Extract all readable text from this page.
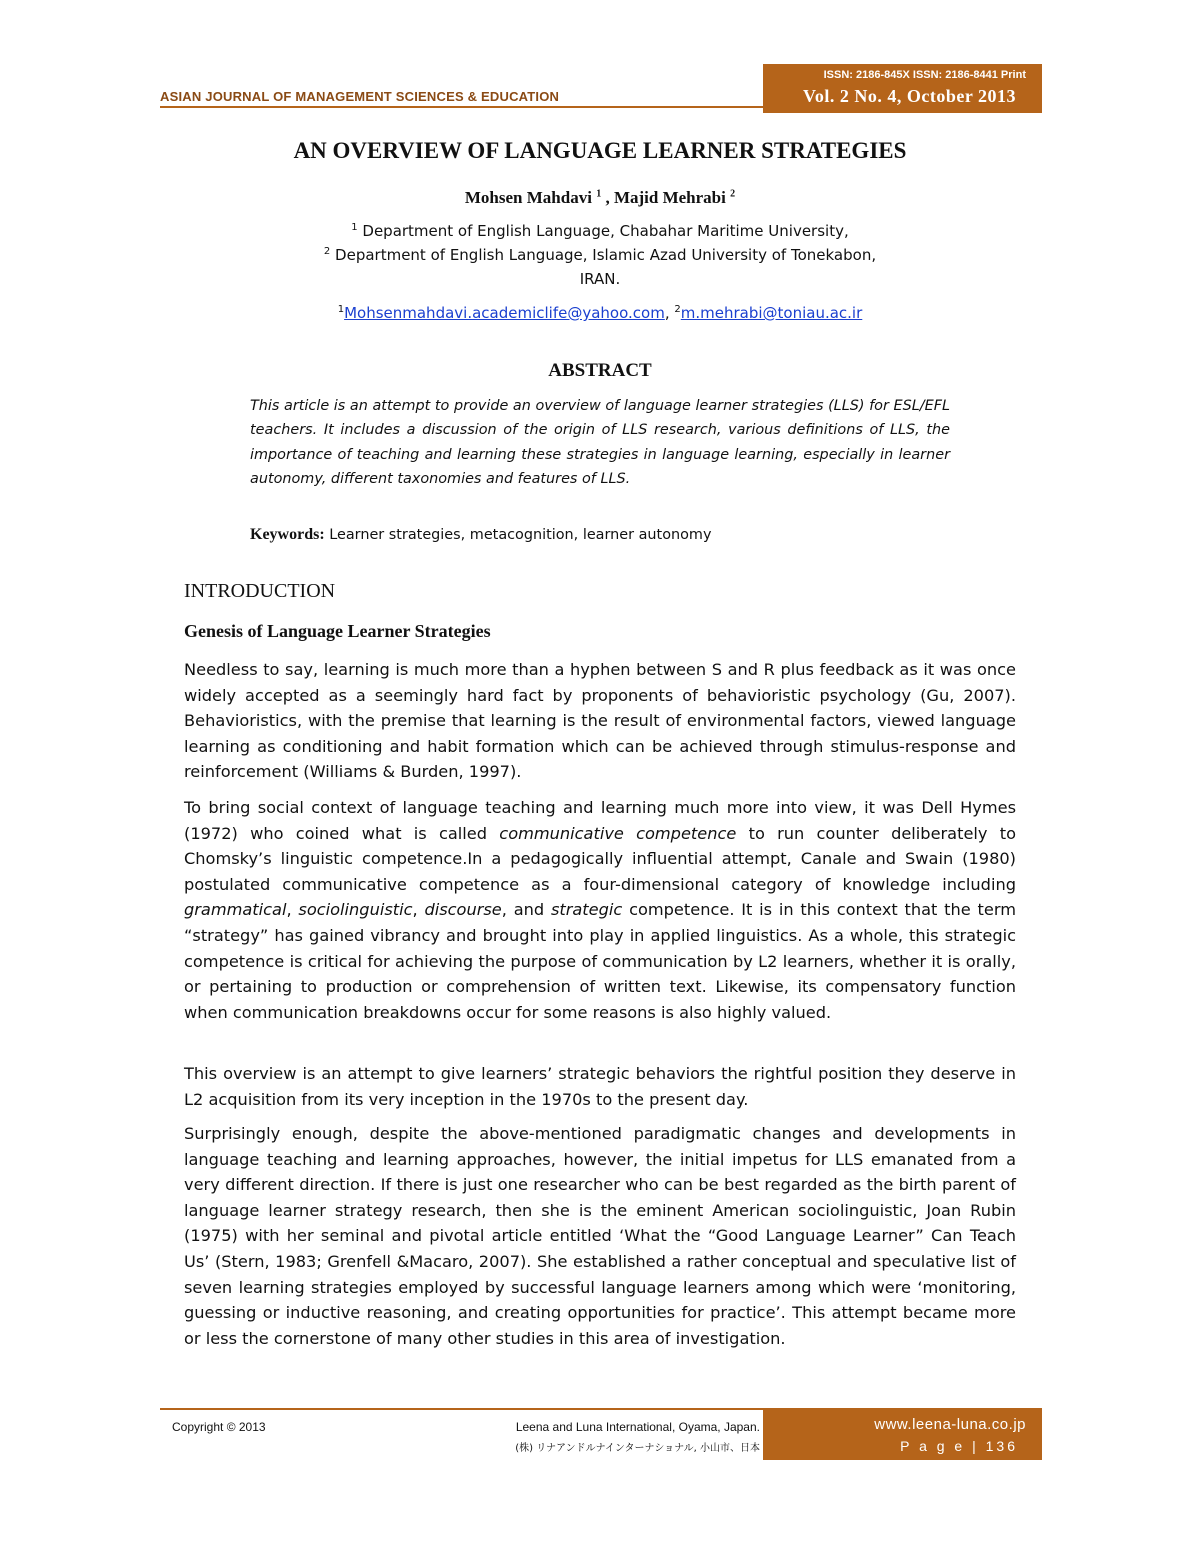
ASIAN JOURNAL OF MANAGEMENT SCIENCES & EDUCATION
ISSN: 2186-845X ISSN: 2186-8441 Print
Vol. 2 No. 4, October 2013
AN OVERVIEW OF LANGUAGE LEARNER STRATEGIES
Mohsen Mahdavi $^1$ , Majid Mehrabi $^2$
$^1$ Department of English Language, Chabahar Maritime University,
$^2$ Department of English Language, Islamic Azad University of Tonekabon,
IRAN.
$^1$Mohsenmahdavi.academiclife@yahoo.com, $^2$m.mehrabi@toniau.ac.ir
ABSTRACT
This article is an attempt to provide an overview of language learner strategies (LLS) for ESL/EFL teachers. It includes a discussion of the origin of LLS research, various definitions of LLS, the importance of teaching and learning these strategies in language learning, especially in learner autonomy, different taxonomies and features of LLS.
Keywords: Learner strategies, metacognition, learner autonomy
INTRODUCTION
Genesis of Language Learner Strategies
Needless to say, learning is much more than a hyphen between S and R plus feedback as it was once widely accepted as a seemingly hard fact by proponents of behavioristic psychology (Gu, 2007). Behavioristics, with the premise that learning is the result of environmental factors, viewed language learning as conditioning and habit formation which can be achieved through stimulus-response and reinforcement (Williams & Burden, 1997).
To bring social context of language teaching and learning much more into view, it was Dell Hymes (1972) who coined what is called communicative competence to run counter deliberately to Chomsky’s linguistic competence.In a pedagogically influential attempt, Canale and Swain (1980) postulated communicative competence as a four-dimensional category of knowledge including grammatical, sociolinguistic, discourse, and strategic competence. It is in this context that the term “strategy” has gained vibrancy and brought into play in applied linguistics. As a whole, this strategic competence is critical for achieving the purpose of communication by L2 learners, whether it is orally, or pertaining to production or comprehension of written text. Likewise, its compensatory function when communication breakdowns occur for some reasons is also highly valued.
This overview is an attempt to give learners’ strategic behaviors the rightful position they deserve in L2 acquisition from its very inception in the 1970s to the present day.
Surprisingly enough, despite the above-mentioned paradigmatic changes and developments in language teaching and learning approaches, however, the initial impetus for LLS emanated from a very different direction. If there is just one researcher who can be best regarded as the birth parent of language learner strategy research, then she is the eminent American sociolinguistic, Joan Rubin (1975) with her seminal and pivotal article entitled ‘What the “Good Language Learner” Can Teach Us’ (Stern, 1983; Grenfell &Macaro, 2007). She established a rather conceptual and speculative list of seven learning strategies employed by successful language learners among which were ‘monitoring, guessing or inductive reasoning, and creating opportunities for practice’. This attempt became more or less the cornerstone of many other studies in this area of investigation.
Copyright © 2013	Leena and Luna International, Oyama, Japan.
(株) リナアンドルナインターナショナル, 小山市、日本
www.leena-luna.co.jp
P a g e | 136
